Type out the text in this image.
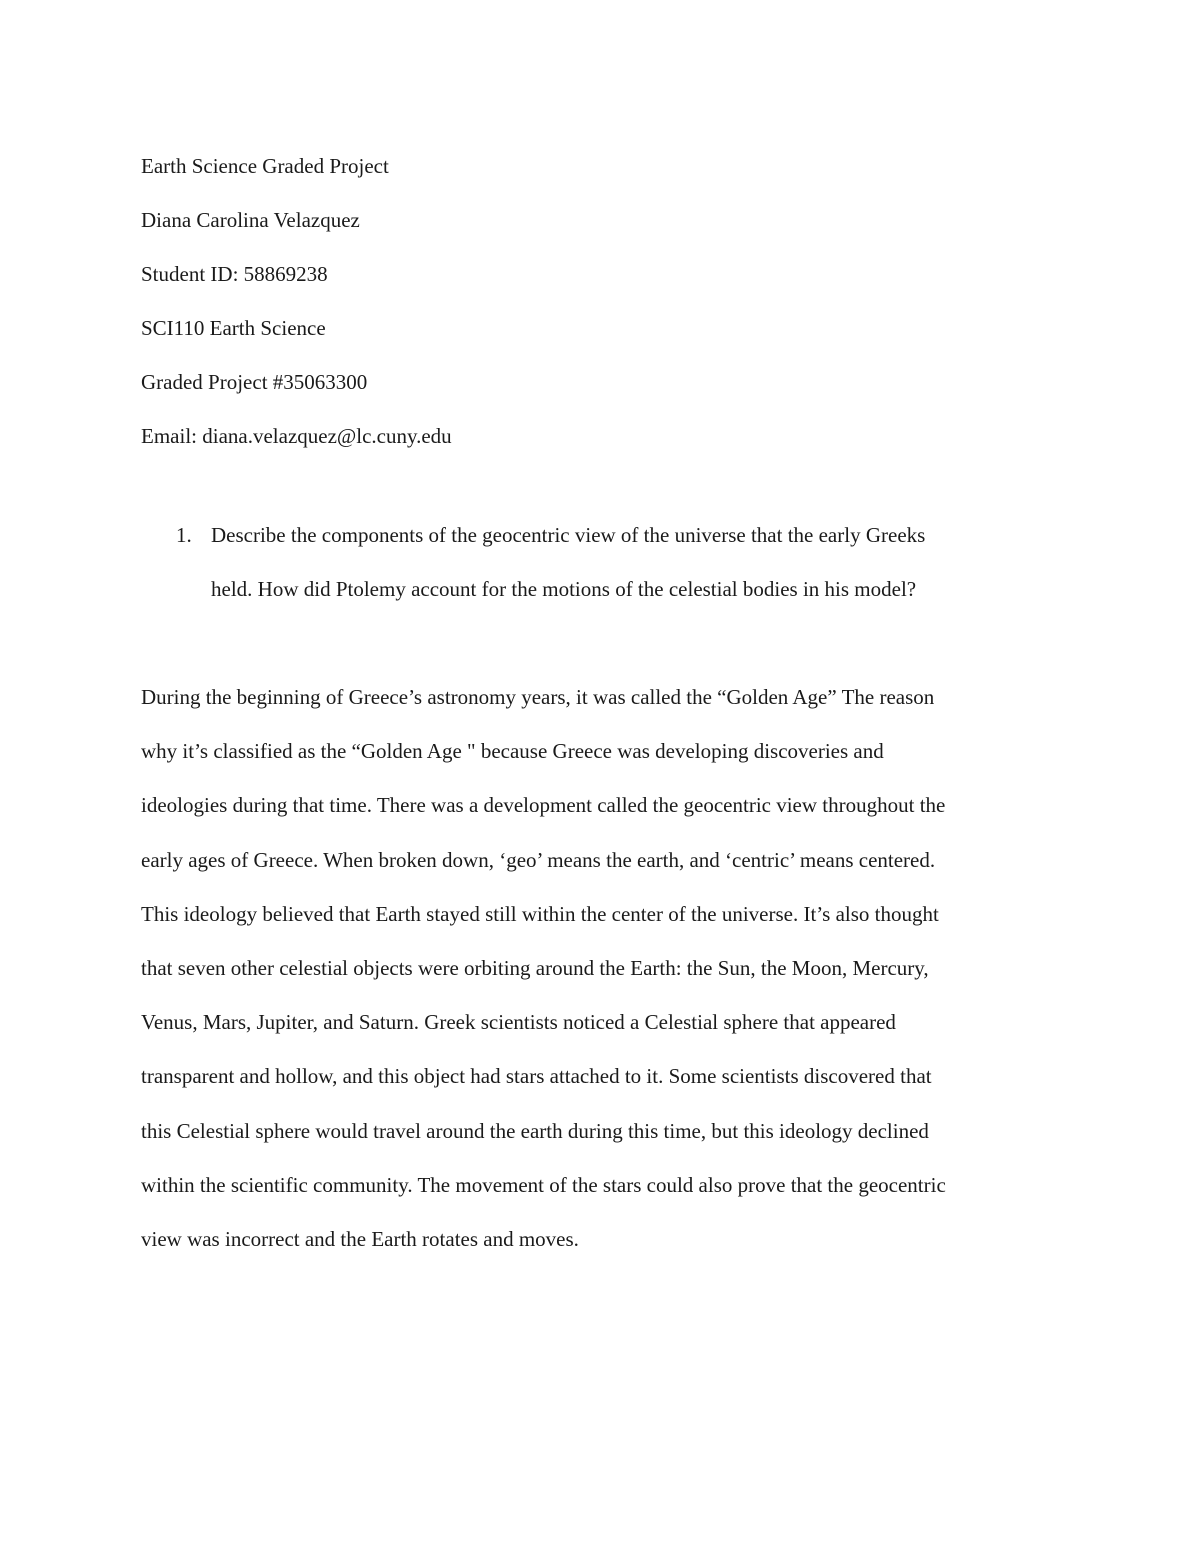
Earth Science Graded Project
Diana Carolina Velazquez
Student ID: 58869238
SCI110 Earth Science
Graded Project #35063300
Email: diana.velazquez@lc.cuny.edu
1. Describe the components of the geocentric view of the universe that the early Greeks
held. How did Ptolemy account for the motions of the celestial bodies in his model?
During the beginning of Greece’s astronomy years, it was called the “Golden Age” The reason
why it’s classified as the “Golden Age " because Greece was developing discoveries and
ideologies during that time. There was a development called the geocentric view throughout the
early ages of Greece. When broken down, ‘geo’ means the earth, and ‘centric’ means centered.
This ideology believed that Earth stayed still within the center of the universe. It’s also thought
that seven other celestial objects were orbiting around the Earth: the Sun, the Moon, Mercury,
Venus, Mars, Jupiter, and Saturn. Greek scientists noticed a Celestial sphere that appeared
transparent and hollow, and this object had stars attached to it. Some scientists discovered that
this Celestial sphere would travel around the earth during this time, but this ideology declined
within the scientific community. The movement of the stars could also prove that the geocentric
view was incorrect and the Earth rotates and moves.
